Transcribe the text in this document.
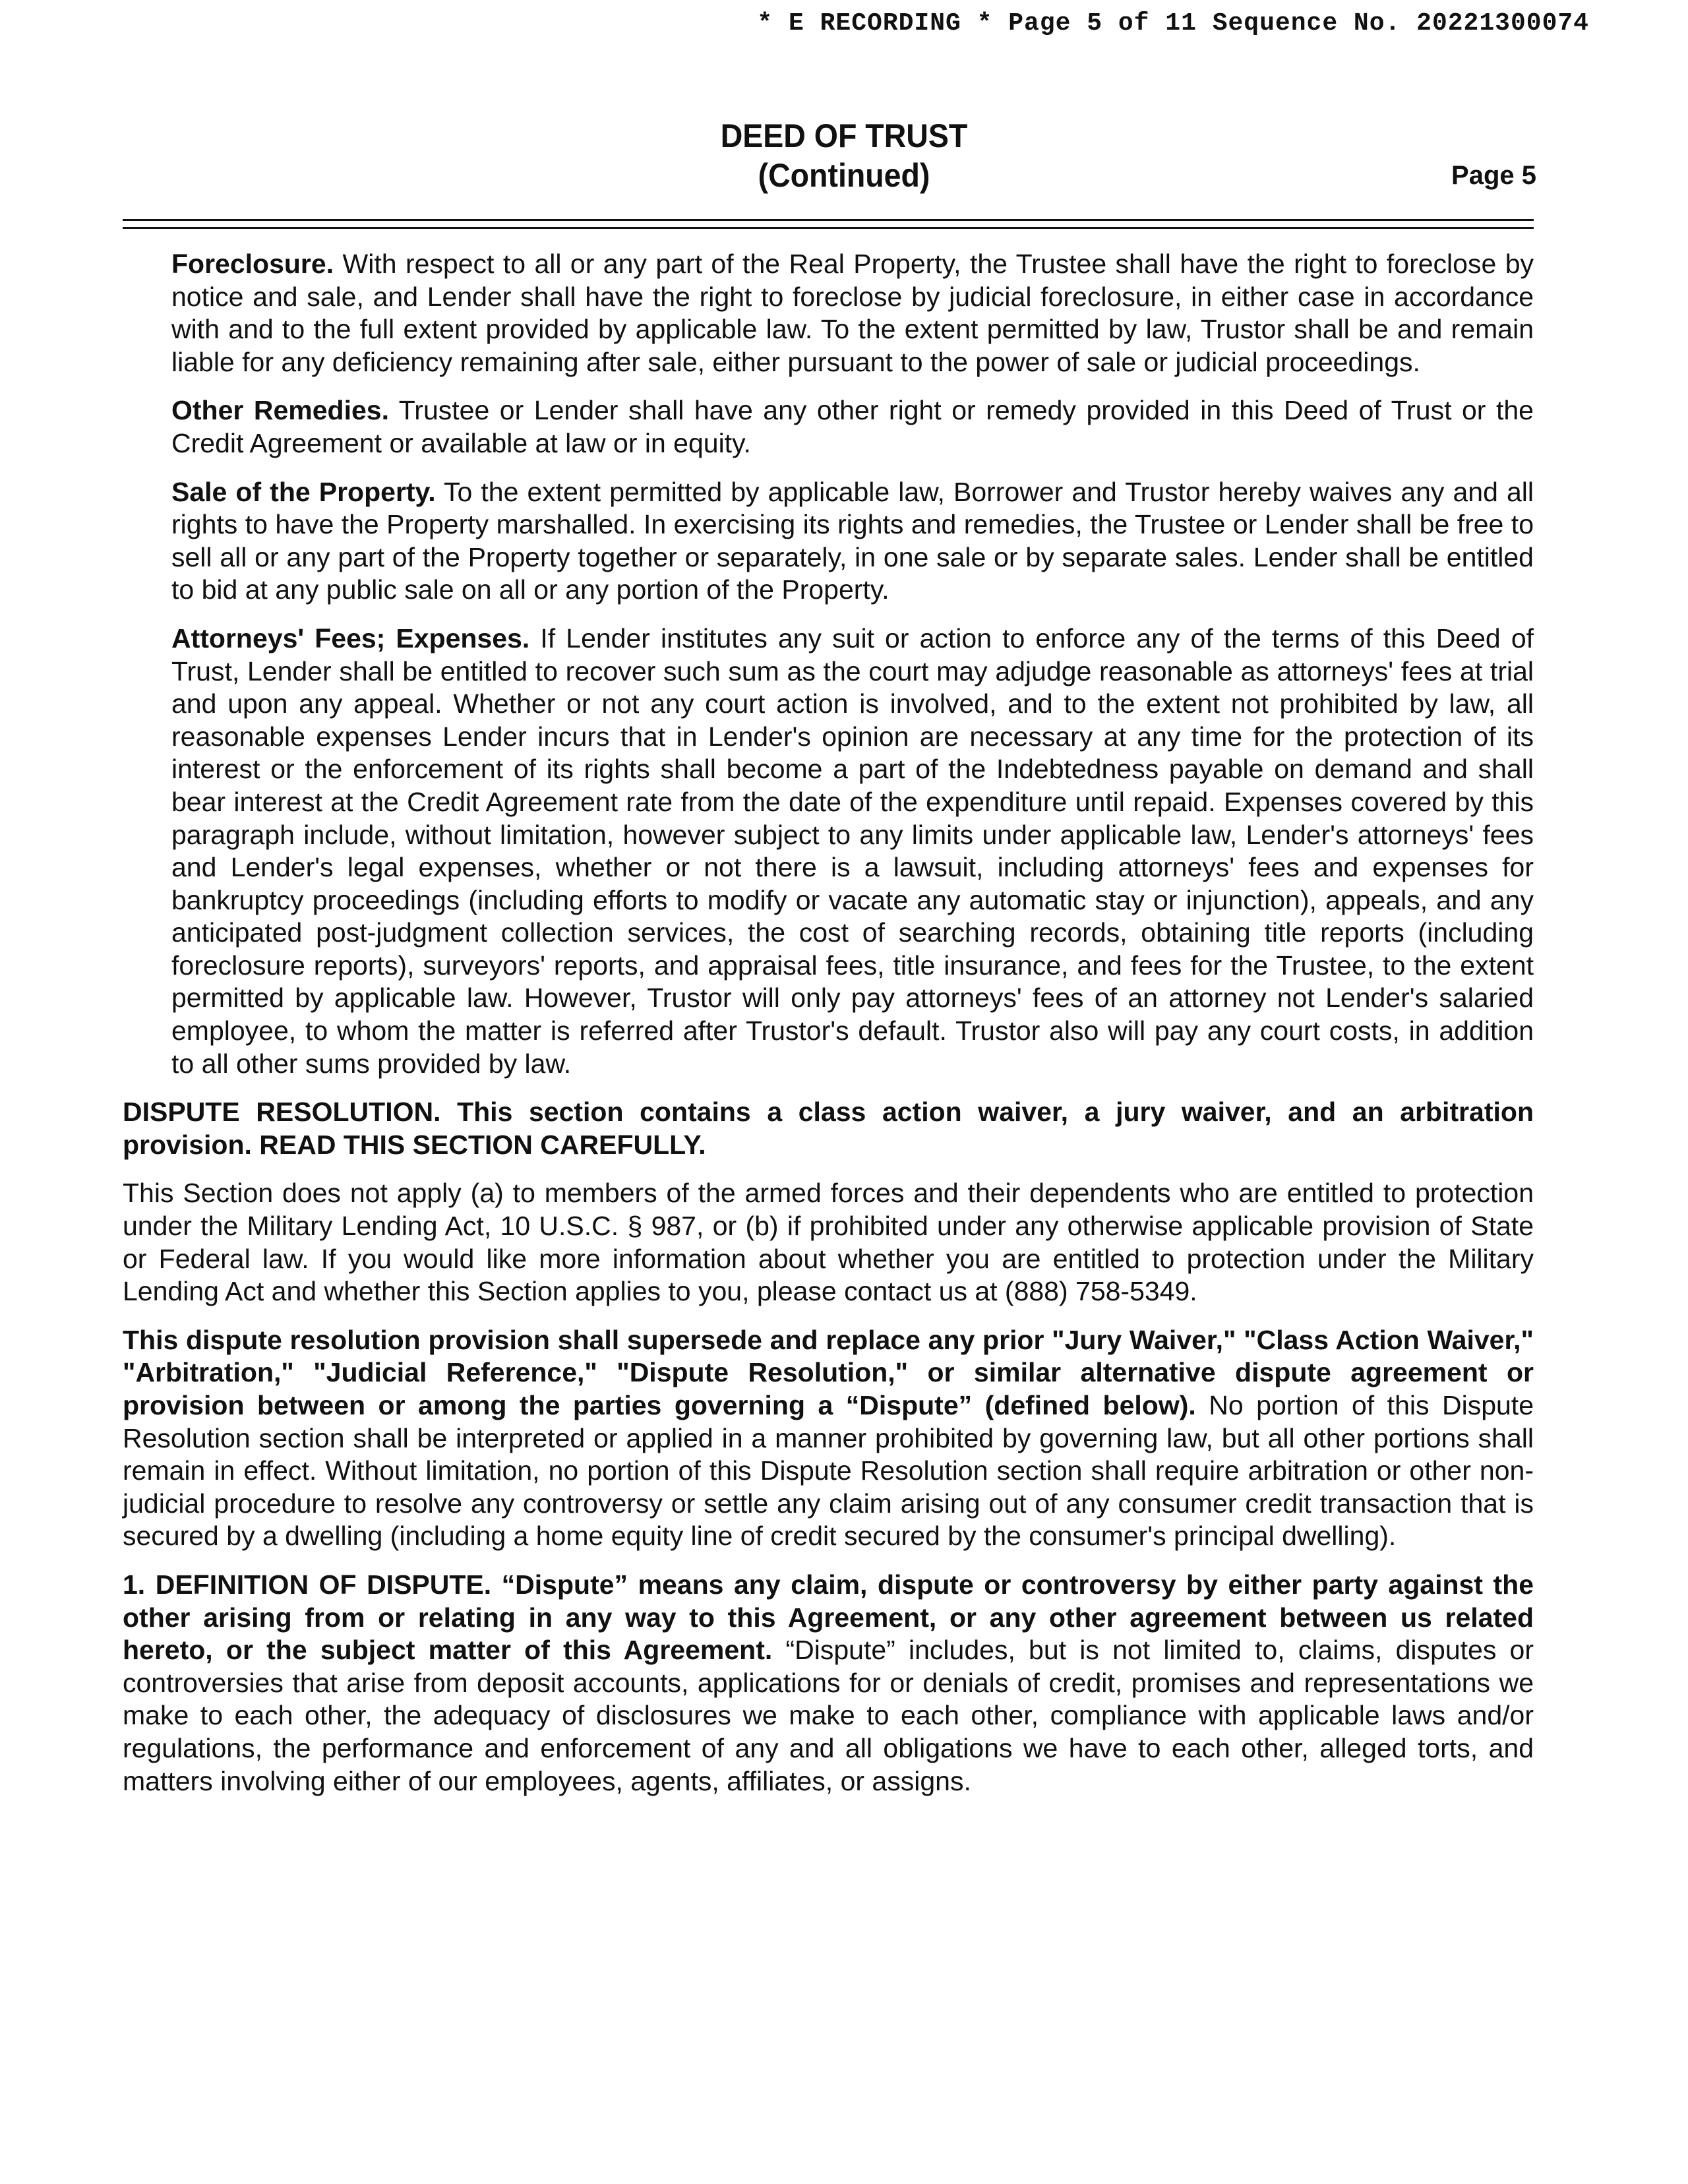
* E RECORDING * Page 5 of 11 Sequence No. 20221300074
DEED OF TRUST
(Continued)	Page 5

Foreclosure. With respect to all or any part of the Real Property, the Trustee shall have the right to foreclose by notice and sale, and Lender shall have the right to foreclose by judicial foreclosure, in either case in accordance with and to the full extent provided by applicable law. To the extent permitted by law, Trustor shall be and remain liable for any deficiency remaining after sale, either pursuant to the power of sale or judicial proceedings.

Other Remedies. Trustee or Lender shall have any other right or remedy provided in this Deed of Trust or the Credit Agreement or available at law or in equity.

Sale of the Property. To the extent permitted by applicable law, Borrower and Trustor hereby waives any and all rights to have the Property marshalled. In exercising its rights and remedies, the Trustee or Lender shall be free to sell all or any part of the Property together or separately, in one sale or by separate sales. Lender shall be entitled to bid at any public sale on all or any portion of the Property.

Attorneys' Fees; Expenses. If Lender institutes any suit or action to enforce any of the terms of this Deed of Trust, Lender shall be entitled to recover such sum as the court may adjudge reasonable as attorneys' fees at trial and upon any appeal. Whether or not any court action is involved, and to the extent not prohibited by law, all reasonable expenses Lender incurs that in Lender's opinion are necessary at any time for the protection of its interest or the enforcement of its rights shall become a part of the Indebtedness payable on demand and shall bear interest at the Credit Agreement rate from the date of the expenditure until repaid. Expenses covered by this paragraph include, without limitation, however subject to any limits under applicable law, Lender's attorneys' fees and Lender's legal expenses, whether or not there is a lawsuit, including attorneys' fees and expenses for bankruptcy proceedings (including efforts to modify or vacate any automatic stay or injunction), appeals, and any anticipated post-judgment collection services, the cost of searching records, obtaining title reports (including foreclosure reports), surveyors' reports, and appraisal fees, title insurance, and fees for the Trustee, to the extent permitted by applicable law. However, Trustor will only pay attorneys' fees of an attorney not Lender's salaried employee, to whom the matter is referred after Trustor's default. Trustor also will pay any court costs, in addition to all other sums provided by law.

DISPUTE RESOLUTION. This section contains a class action waiver, a jury waiver, and an arbitration provision. READ THIS SECTION CAREFULLY.

This Section does not apply (a) to members of the armed forces and their dependents who are entitled to protection under the Military Lending Act, 10 U.S.C. § 987, or (b) if prohibited under any otherwise applicable provision of State or Federal law. If you would like more information about whether you are entitled to protection under the Military Lending Act and whether this Section applies to you, please contact us at (888) 758-5349.

This dispute resolution provision shall supersede and replace any prior "Jury Waiver," "Class Action Waiver," "Arbitration," "Judicial Reference," "Dispute Resolution," or similar alternative dispute agreement or provision between or among the parties governing a “Dispute” (defined below). No portion of this Dispute Resolution section shall be interpreted or applied in a manner prohibited by governing law, but all other portions shall remain in effect. Without limitation, no portion of this Dispute Resolution section shall require arbitration or other non-judicial procedure to resolve any controversy or settle any claim arising out of any consumer credit transaction that is secured by a dwelling (including a home equity line of credit secured by the consumer's principal dwelling).

1. DEFINITION OF DISPUTE. “Dispute” means any claim, dispute or controversy by either party against the other arising from or relating in any way to this Agreement, or any other agreement between us related hereto, or the subject matter of this Agreement. “Dispute” includes, but is not limited to, claims, disputes or controversies that arise from deposit accounts, applications for or denials of credit, promises and representations we make to each other, the adequacy of disclosures we make to each other, compliance with applicable laws and/or regulations, the performance and enforcement of any and all obligations we have to each other, alleged torts, and matters involving either of our employees, agents, affiliates, or assigns.
